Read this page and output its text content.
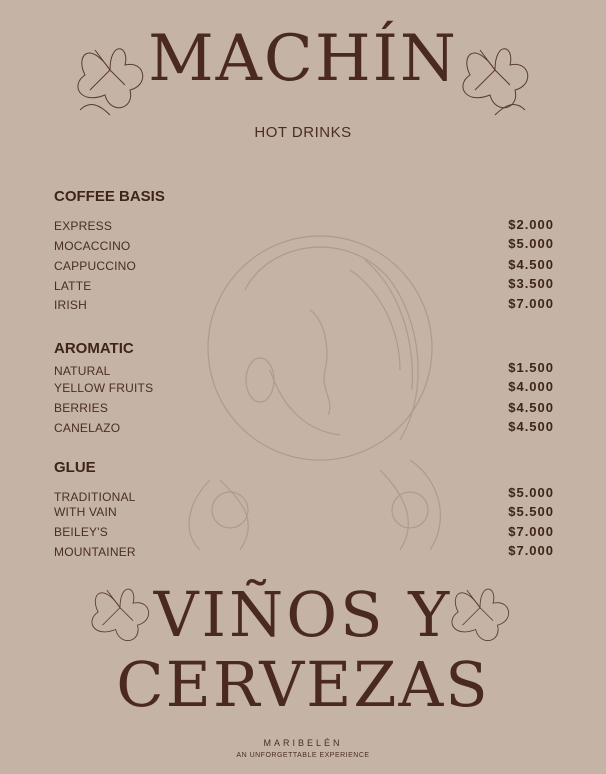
MACHÍN
HOT DRINKS
COFFEE BASIS
EXPRESS	$2.000
MOCACCINO	$5.000
CAPPUCCINO	$4.500
LATTE	$3.500
IRISH	$7.000
AROMATIC
NATURAL	$1.500
YELLOW FRUITS	$4.000
BERRIES	$4.500
CANELAZO	$4.500
GLUE
TRADITIONAL	$5.000
WITH VAIN	$5.500
BEILEY'S	$7.000
MOUNTAINER	$7.000
VIÑOS Y
CERVEZAS
MARIBELÉN
AN UNFORGETTABLE EXPERIENCE
